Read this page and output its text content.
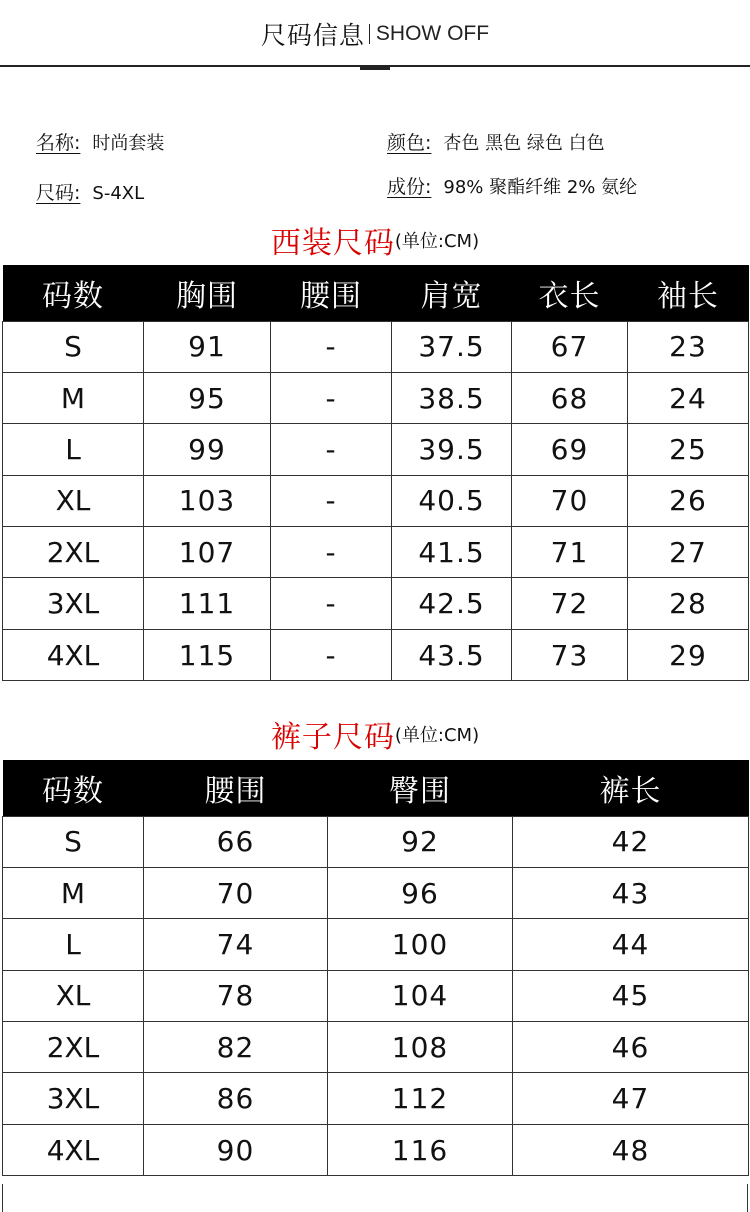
尺码信息 SHOW OFF
名称: 时尚套装
尺码: S-4XL
颜色: 杏色 黑色 绿色 白色
成份: 98% 聚酯纤维 2% 氨纶
西装尺码(单位:CM)
码数	胸围	腰围	肩宽	衣长	袖长
S	91	-	37.5	67	23
M	95	-	38.5	68	24
L	99	-	39.5	69	25
XL	103	-	40.5	70	26
2XL	107	-	41.5	71	27
3XL	111	-	42.5	72	28
4XL	115	-	43.5	73	29
裤子尺码(单位:CM)
码数	腰围	臀围	裤长
S	66	92	42
M	70	96	43
L	74	100	44
XL	78	104	45
2XL	82	108	46
3XL	86	112	47
4XL	90	116	48
